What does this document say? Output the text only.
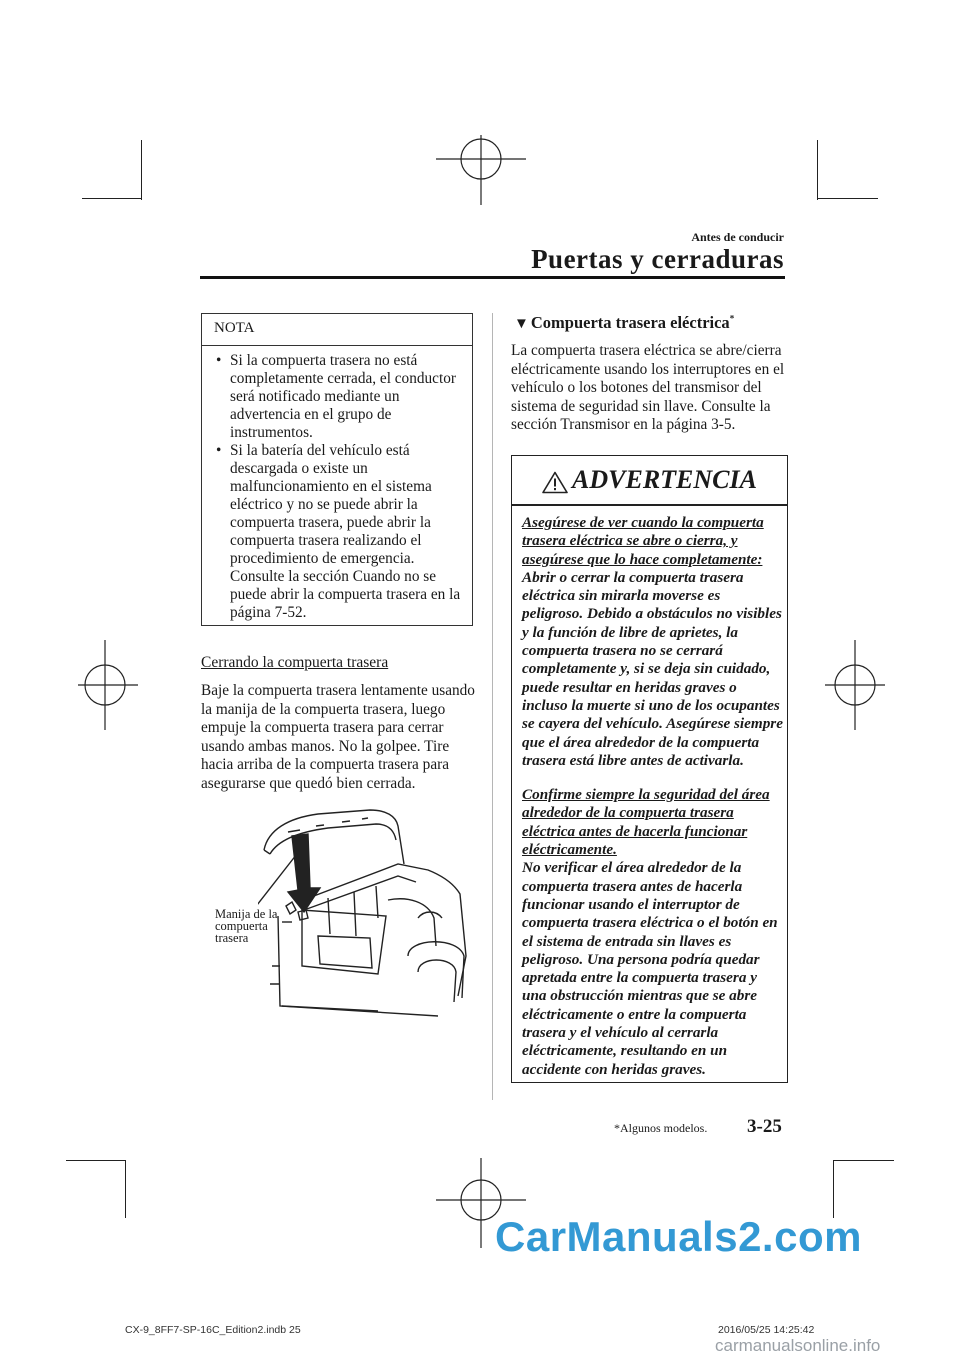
Antes de conducir
Puertas y cerraduras
NOTA
• Si la compuerta trasera no está completamente cerrada, el conductor será notificado mediante un advertencia en el grupo de instrumentos.
• Si la batería del vehículo está descargada o existe un malfuncionamiento en el sistema eléctrico y no se puede abrir la compuerta trasera, puede abrir la compuerta trasera realizando el procedimiento de emergencia. Consulte la sección Cuando no se puede abrir la compuerta trasera en la página 7-52.
Cerrando la compuerta trasera
Baje la compuerta trasera lentamente usando la manija de la compuerta trasera, luego empuje la compuerta trasera para cerrar usando ambas manos. No la golpee. Tire hacia arriba de la compuerta trasera para asegurarse que quedó bien cerrada.
Manija de la
compuerta
trasera
▼ Compuerta trasera eléctrica*
La compuerta trasera eléctrica se abre/cierra eléctricamente usando los interruptores en el vehículo o los botones del transmisor del sistema de seguridad sin llave. Consulte la sección Transmisor en la página 3-5.
ADVERTENCIA
Asegúrese de ver cuando la compuerta trasera eléctrica se abre o cierra, y asegúrese que lo hace completamente:

Abrir o cerrar la compuerta trasera eléctrica sin mirarla moverse es peligroso. Debido a obstáculos no visibles y la función de libre de aprietes, la compuerta trasera no se cerrará completamente y, si se deja sin cuidado, puede resultar en heridas graves o incluso la muerte si uno de los ocupantes se cayera del vehículo. Asegúrese siempre que el área alrededor de la compuerta trasera está libre antes de activarla.

Confirme siempre la seguridad del área alrededor de la compuerta trasera eléctrica antes de hacerla funcionar eléctricamente.

No verificar el área alrededor de la compuerta trasera antes de hacerla funcionar usando el interruptor de compuerta trasera eléctrica o el botón en el sistema de entrada sin llaves es peligroso. Una persona podría quedar apretada entre la compuerta trasera y una obstrucción mientras que se abre eléctricamente o entre la compuerta trasera y el vehículo al cerrarla eléctricamente, resultando en un accidente con heridas graves.

*Algunos modelos. 3-25
CX-9_8FF7-SP-16C_Edition2.indb 25	2016/05/25 14:25:42
CarManuals2.com
carmanualsonline.info
